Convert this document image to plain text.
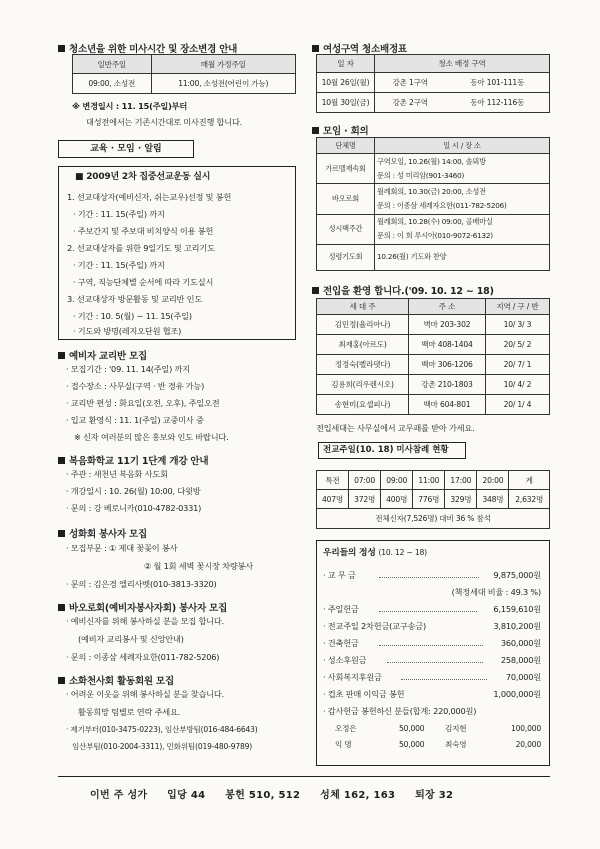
청소년을 위한 미사시간 및 장소변경 안내
일반주일	매월 가정주일
09:00, 소성전	11:00, 소성전(어린이 가능)
※ 변경일시 : 11. 15(주일)부터
대성전에서는 기존시간대로 미사진행 합니다.
교육 · 모임 · 알림
■ 2009년 2차 집중선교운동 실시
1. 선교대상자(예비신자, 쉬는교우)선정 및 봉헌
· 기간 : 11. 15(주일) 까지
· 주보간지 및 주보대 비치양식 이용 봉헌
2. 선교대상자를 위한 9일기도 및 고리기도
· 기간 : 11. 15(주일) 까지
· 구역, 직능단체별 순서에 따라 기도실시
3. 선교대상자 방문활동 및 교리반 인도
· 기간 : 10. 5(월) ~ 11. 15(주일)
· 기도와 방명(레지오단원 협조)
예비자 교리반 모집
· 모집기간 : '09. 11. 14(주일) 까지
· 접수장소 : 사무실(구역 · 반 경유 가능)
· 교리반 편성 : 화요일(오전, 오후), 주일오전
· 입교 환영식 : 11. 1(주일) 교중미사 중
※ 신자 여러분의 많은 홍보와 인도 바랍니다.
복음화학교 11기 1단계 개강 안내
· 주관 : 새천년 복음화 사도회
· 개강일시 : 10. 26(월) 10:00, 다윗방
· 문의 : 강 베로니카(010-4782-0331)
성화회 봉사자 모집
· 모집부문 : ① 제대 꽃꽂이 봉사
② 월 1회 세벽 꽃시장 차량봉사
· 문의 : 김은경 엘리사벳(010-3813-3320)
바오로회(예비자봉사자회) 봉사자 모집
· 예비신자를 위해 봉사하실 분을 모집 합니다.
(예비자 교리봉사 및 신앙안내)
· 문의 : 이종삼 세례자요한(011-782-5206)
소화천사회 활동회원 모집
· 어려운 이웃을 위해 봉사하실 분을 찾습니다.
활동희망 팀별로 연락 주세요.
· 제기부터(010-3475-0223), 임산부방팀(016-484-6643)
임산부팀(010-2004-3311), 민화위팀(019-480-9789)
여성구역 청소배정표
일 자	청소 배정 구역	
10월 26일(월)	강촌 1구역	동아 101-111동
10월 30일(금)	강촌 2구역	동아 112-116동
모임 · 회의
단체명	일 시 / 장 소
가르멜재속회	구역모임, 10.26(월) 14:00, 솔뫼방
문의 : 성 미리암(901-3460)

바오로회	월례회의, 10.30(금) 20:00, 소성전
문의 : 이종삼 세례자요한(011-782-5206)

성시백주간	월례회의, 10.28(수) 09:00, 골배마실
문의 : 이 희 루시아(010-9072-6132)

성령기도회	10.26(월) 기도와 찬양
전입을 환영 합니다.('09. 10. 12 ~ 18)
세 대 주	주 소	지역 / 구 / 반
김민정(율리아나)	벽마 203-302	10/ 3/ 3
최재홍(아르도)	백마 408-1404	20/ 5/ 2
정정숙(벨라뎃다)	백마 306-1206	20/ 7/ 1
김용희(리우렌시오)	강촌 210-1803	10/ 4/ 2
송현미(요셉피나)	백마 604-801	20/ 1/ 4
전입세대는 사무실에서 교무패를 받아 가세요.
전교주일(10. 18) 미사참례 현황
특전	07:00	09:00	11:00	17:00	20:00	계
407명	372명	400명	776명	329명	348명	2,632명
전체신자(7,526명) 대비 36 % 참석						
우리들의 정성 (10. 12 ~ 18)
· 교 무 금	9,875,000원
(책정세대 비율 : 49.3 %)
· 주일헌금	6,159,610원
· 전교주일 2차헌금(교구송금)	3,810,200원
· 건축헌금	360,000원
· 성소후원금	258,000원
· 사회복지후원금	70,000원
· 컵초 판매 이익금 봉헌	1,000,000원
· 감사헌금 봉헌하신 분들(합계: 220,000원)
오정은	50,000	김지현	100,000
익 명	50,000	최숙영	20,000
이번 주 성가 입당 44 봉헌 510, 512 성체 162, 163 퇴장 32
